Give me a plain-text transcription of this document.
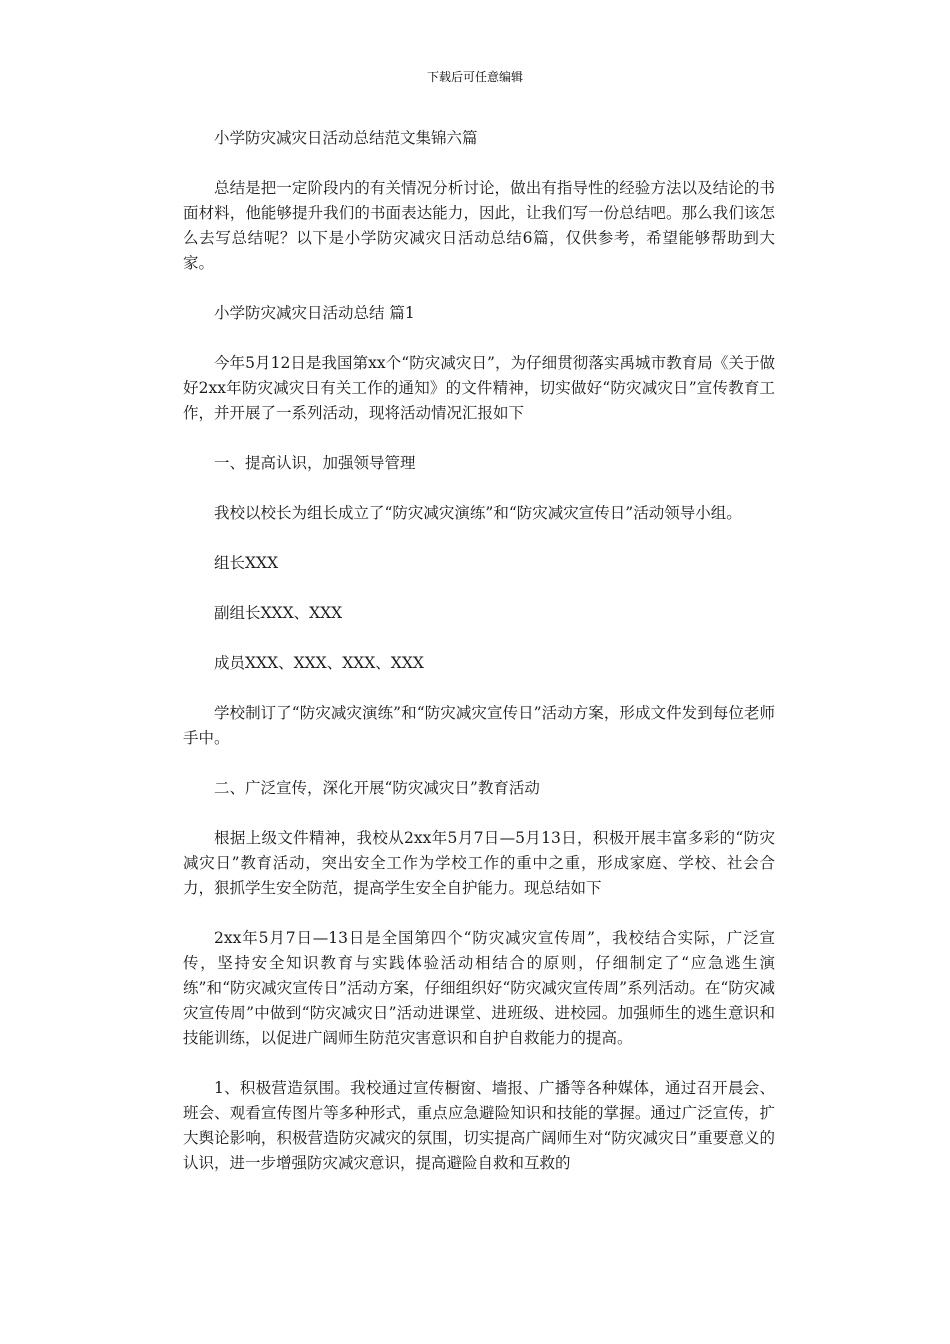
下载后可任意编辑

小学防灾减灾日活动总结范文集锦六篇

总结是把一定阶段内的有关情况分析讨论，做出有指导性的经验方法以及结论的书面材料，他能够提升我们的书面表达能力，因此，让我们写一份总结吧。那么我们该怎么去写总结呢？以下是小学防灾减灾日活动总结6篇，仅供参考，希望能够帮助到大家。

小学防灾减灾日活动总结 篇1

今年5月12日是我国第xx个“防灾减灾日”，为仔细贯彻落实禹城市教育局《关于做好2xx年防灾减灾日有关工作的通知》的文件精神，切实做好“防灾减灾日”宣传教育工作，并开展了一系列活动，现将活动情况汇报如下

一、提高认识，加强领导管理

我校以校长为组长成立了“防灾减灾演练”和“防灾减灾宣传日”活动领导小组。

组长XXX

副组长XXX、XXX

成员XXX、XXX、XXX、XXX

学校制订了“防灾减灾演练”和“防灾减灾宣传日”活动方案，形成文件发到每位老师手中。

二、广泛宣传，深化开展“防灾减灾日”教育活动

根据上级文件精神，我校从2xx年5月7日—5月13日，积极开展丰富多彩的“防灾减灾日”教育活动，突出安全工作为学校工作的重中之重，形成家庭、学校、社会合力，狠抓学生安全防范，提高学生安全自护能力。现总结如下

2xx年5月7日—13日是全国第四个“防灾减灾宣传周”，我校结合实际，广泛宣传，坚持安全知识教育与实践体验活动相结合的原则，仔细制定了“应急逃生演练”和“防灾减灾宣传日”活动方案，仔细组织好“防灾减灾宣传周”系列活动。在“防灾减灾宣传周”中做到“防灾减灾日”活动进课堂、进班级、进校园。加强师生的逃生意识和技能训练，以促进广阔师生防范灾害意识和自护自救能力的提高。

1、积极营造氛围。我校通过宣传橱窗、墙报、广播等各种媒体，通过召开晨会、班会、观看宣传图片等多种形式，重点应急避险知识和技能的掌握。通过广泛宣传，扩大舆论影响，积极营造防灾减灾的氛围，切实提高广阔师生对“防灾减灾日”重要意义的认识，进一步增强防灾减灾意识，提高避险自救和互救的
